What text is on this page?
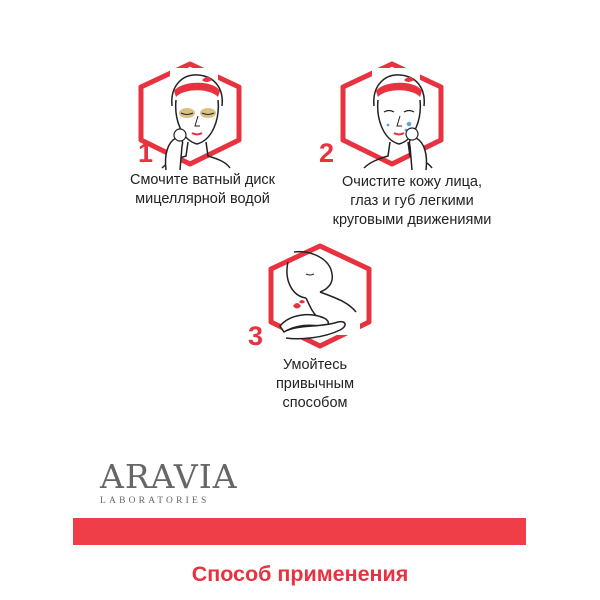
1
Смочите ватный диск
мицеллярной водой
2
Очистите кожу лица,
глаз и губ легкими
круговыми движениями
3
Умойтесь
привычным
способом
ARAVIA
LABORATORIES
Способ применения
